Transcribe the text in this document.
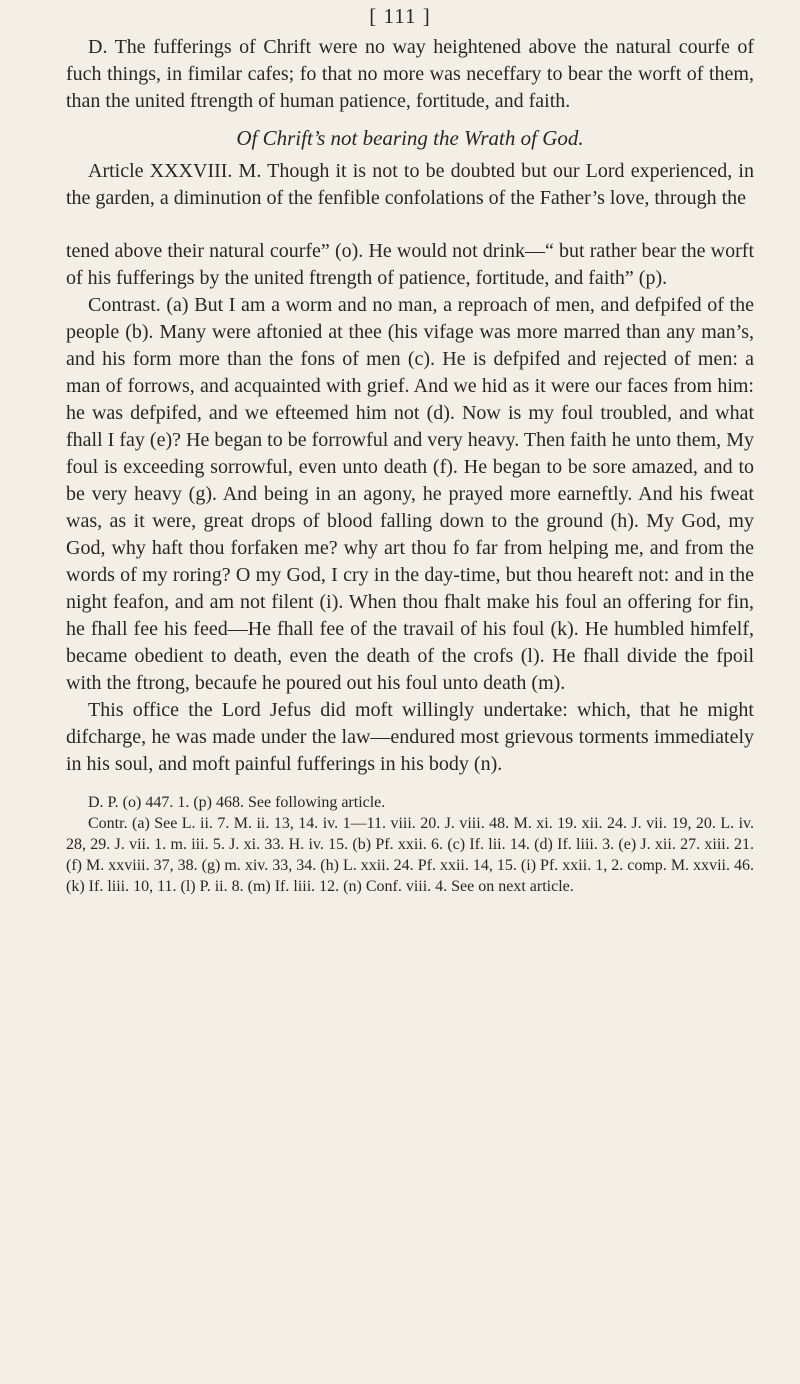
[ 111 ]

D. The fufferings of Chrift were no way heightened above the natural courfe of fuch things, in fimilar cafes; fo that no more was neceffary to bear the worft of them, than the united ftrength of human patience, fortitude, and faith.

Of Chrift’s not bearing the Wrath of God.

Article XXXVIII. M. Though it is not to be doubted but our Lord experienced, in the garden, a diminution of the fenfible confolations of the Father’s love, through the

tened above their natural courfe” (o). He would not drink—“ but rather bear the worft of his fufferings by the united ftrength of patience, fortitude, and faith” (p).

Contrast. (a) But I am a worm and no man, a reproach of men, and defpifed of the people (b). Many were aftonied at thee (his vifage was more marred than any man’s, and his form more than the fons of men (c). He is defpifed and rejected of men: a man of forrows, and acquainted with grief. And we hid as it were our faces from him: he was defpifed, and we efteemed him not (d). Now is my foul troubled, and what fhall I fay (e)? He began to be forrowful and very heavy. Then faith he unto them, My foul is exceeding sorrowful, even unto death (f). He began to be sore amazed, and to be very heavy (g). And being in an agony, he prayed more earneftly. And his fweat was, as it were, great drops of blood falling down to the ground (h). My God, my God, why haft thou forfaken me? why art thou fo far from helping me, and from the words of my roring? O my God, I cry in the day-time, but thou heareft not: and in the night feafon, and am not filent (i). When thou fhalt make his foul an offering for fin, he fhall fee his feed—He fhall fee of the travail of his foul (k). He humbled himfelf, became obedient to death, even the death of the crofs (l). He fhall divide the fpoil with the ftrong, becaufe he poured out his foul unto death (m).

This office the Lord Jefus did moft willingly undertake: which, that he might difcharge, he was made under the law—endured most grievous torments immediately in his soul, and moft painful fufferings in his body (n).

D. P. (o) 447. 1. (p) 468. See following article.

Contr. (a) See L. ii. 7. M. ii. 13, 14. iv. 1—11. viii. 20. J. viii. 48. M. xi. 19. xii. 24. J. vii. 19, 20. L. iv. 28, 29. J. vii. 1. m. iii. 5. J. xi. 33. H. iv. 15. (b) Pf. xxii. 6. (c) If. lii. 14. (d) If. liii. 3. (e) J. xii. 27. xiii. 21. (f) M. xxviii. 37, 38. (g) m. xiv. 33, 34. (h) L. xxii. 24. Pf. xxii. 14, 15. (i) Pf. xxii. 1, 2. comp. M. xxvii. 46. (k) If. liii. 10, 11. (l) P. ii. 8. (m) If. liii. 12. (n) Conf. viii. 4. See on next article.
